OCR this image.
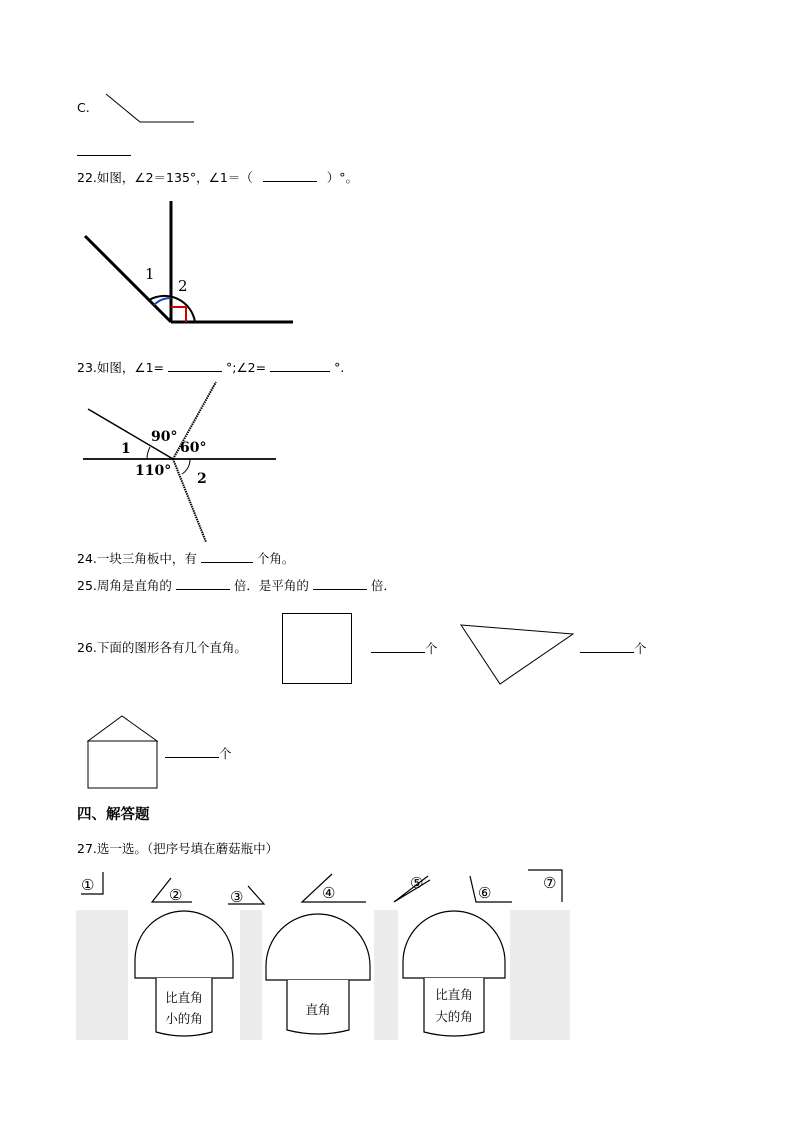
C.
22.如图，∠2＝135°，∠1＝（	）°。
1
2
23.如图，∠1=	°;∠2=	°.
90°
60°
1
110° 2
24.一块三角板中，有	个角。
25.周角是直角的	倍．是平角的	倍．
26.下面的图形各有几个直角。	个	个
个
四、解答题
27.选一选。（把序号填在蘑菇瓶中）
①
②	③	④
⑤
⑥
⑦
比直角
小的角
直角
比直角
大的角
